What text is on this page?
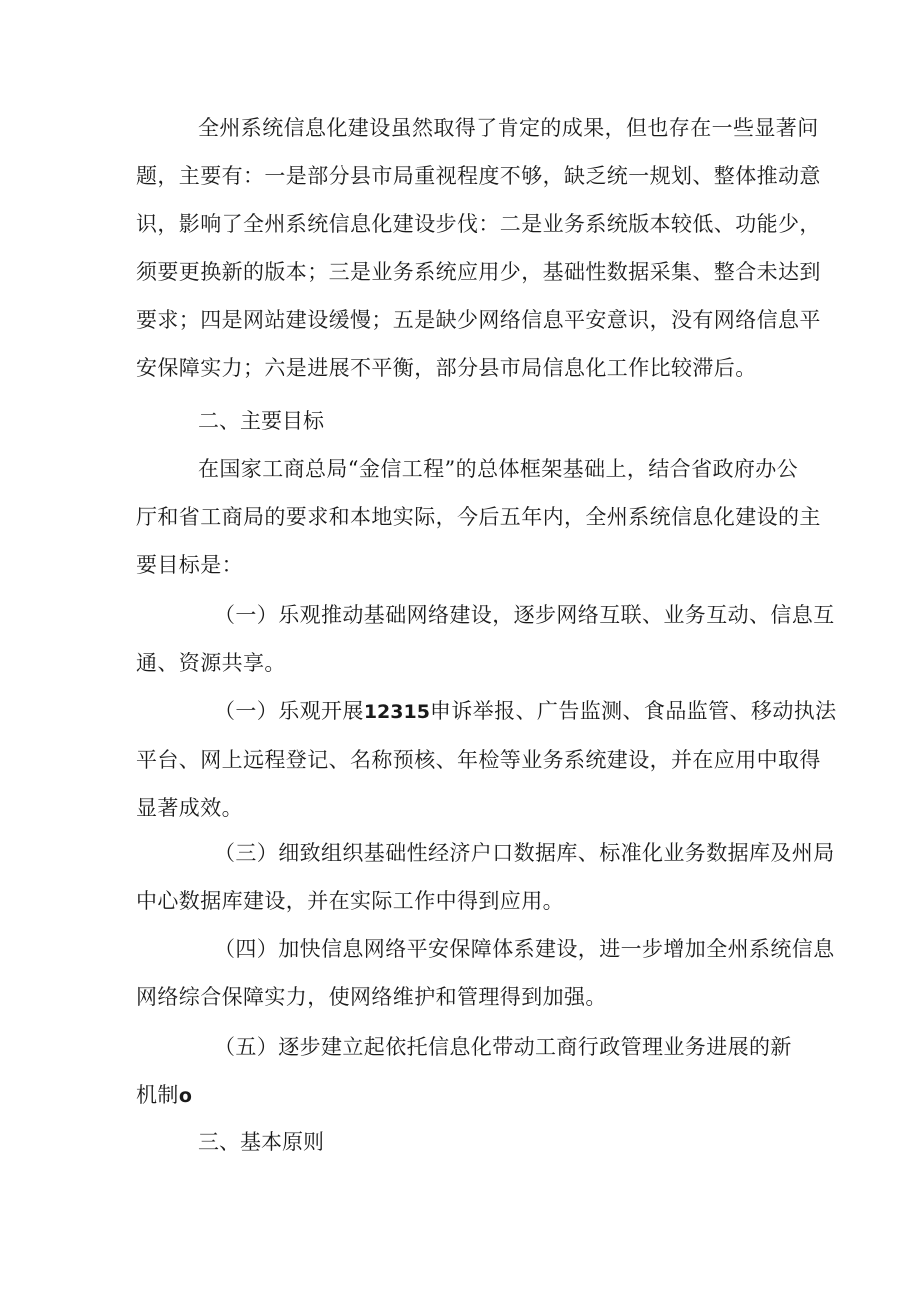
全州系统信息化建设虽然取得了肯定的成果，但也存在一些显著问
题，主要有：一是部分县市局重视程度不够，缺乏统一规划、整体推动意
识，影响了全州系统信息化建设步伐：二是业务系统版本较低、功能少，
须要更换新的版本；三是业务系统应用少，基础性数据采集、整合未达到
要求；四是网站建设缓慢；五是缺少网络信息平安意识，没有网络信息平
安保障实力；六是进展不平衡，部分县市局信息化工作比较滞后。

二、主要目标

在国家工商总局“金信工程”的总体框架基础上，结合省政府办公
厅和省工商局的要求和本地实际，今后五年内，全州系统信息化建设的主
要目标是：

（一）乐观推动基础网络建设，逐步网络互联、业务互动、信息互
通、资源共享。

（一）乐观开展12315申诉举报、广告监测、食品监管、移动执法
平台、网上远程登记、名称预核、年检等业务系统建设，并在应用中取得
显著成效。

（三）细致组织基础性经济户口数据库、标准化业务数据库及州局
中心数据库建设，并在实际工作中得到应用。

（四）加快信息网络平安保障体系建设，进一步增加全州系统信息
网络综合保障实力，使网络维护和管理得到加强。

（五）逐步建立起依托信息化带动工商行政管理业务进展的新
机制o

三、基本原则
